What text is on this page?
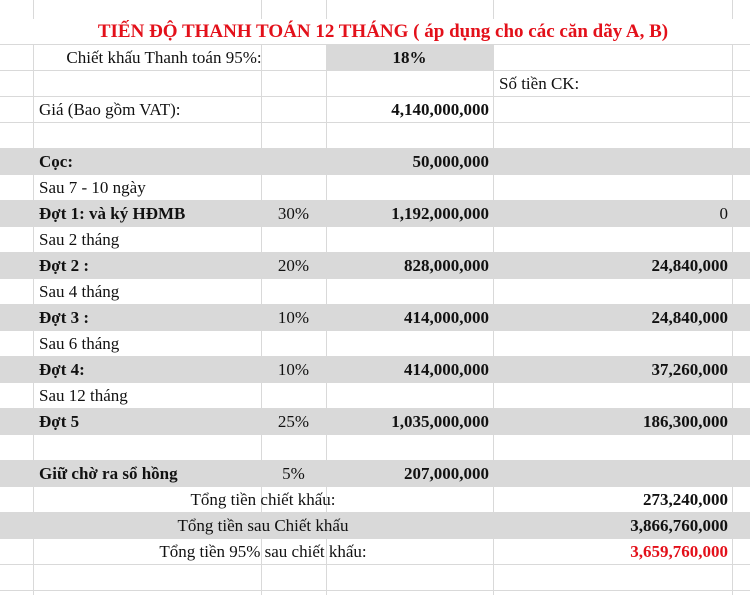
TIẾN ĐỘ THANH TOÁN 12 THÁNG ( áp dụng cho các căn dãy A, B)
Chiết khấu Thanh toán 95%:	18%
Số tiền CK:
Giá (Bao gồm VAT):	4,140,000,000
Cọc:	50,000,000
Sau 7 - 10 ngày
Đợt 1: và ký HĐMB	30%	1,192,000,000	0
Sau 2 tháng
Đợt 2 :	20%	828,000,000	24,840,000
Sau 4 tháng
Đợt 3 :	10%	414,000,000	24,840,000
Sau 6 tháng
Đợt 4:	10%	414,000,000	37,260,000
Sau 12 tháng
Đợt 5	25%	1,035,000,000	186,300,000
Giữ chờ ra sổ hồng	5%	207,000,000
Tổng tiền chiết khấu:	273,240,000
Tổng tiền sau Chiết khấu	3,866,760,000
Tổng tiền 95% sau chiết khấu:	3,659,760,000
